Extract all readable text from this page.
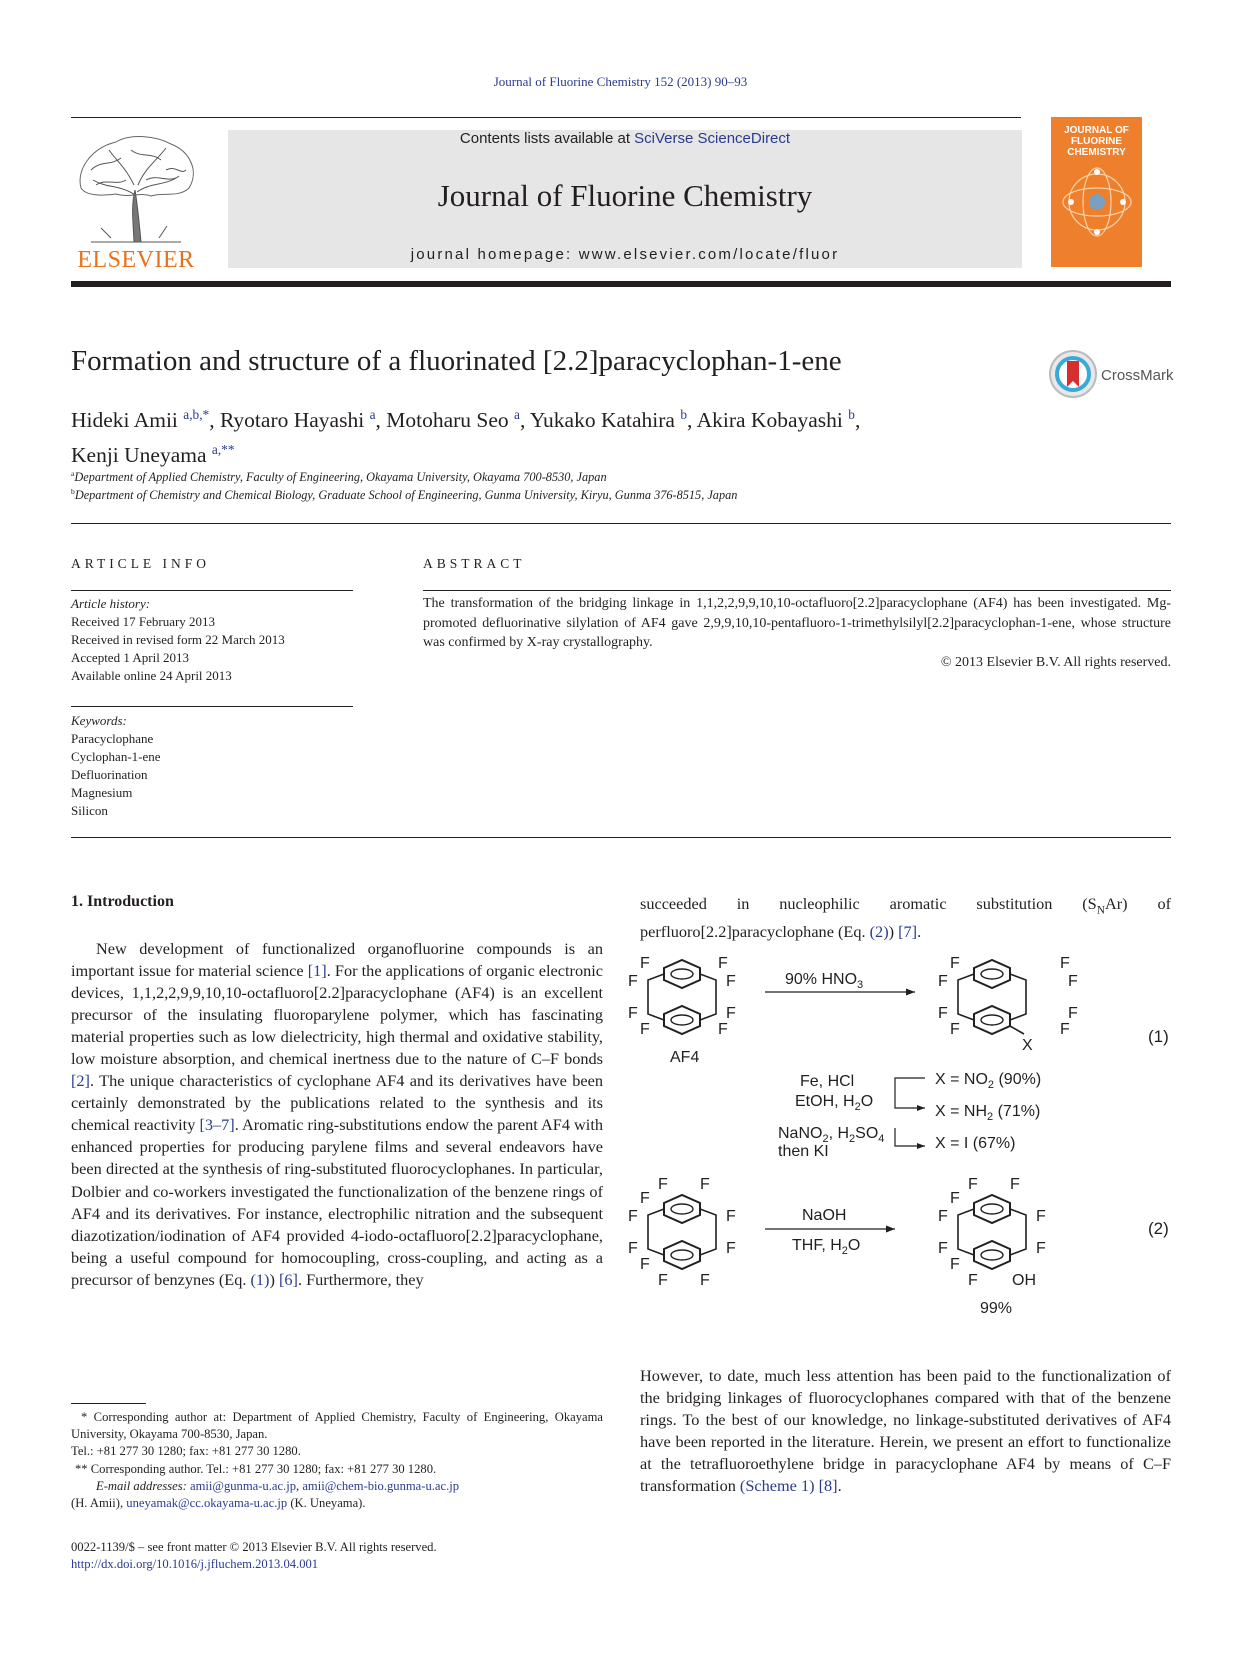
Journal of Fluorine Chemistry 152 (2013) 90–93
ELSEVIER
Contents lists available at SciVerse ScienceDirect
Journal of Fluorine Chemistry
journal homepage: www.elsevier.com/locate/fluor
JOURNAL OF FLUORINE CHEMISTRY
Formation and structure of a fluorinated [2.2]paracyclophan-1-ene	CrossMark
Hideki Amii $^{a,b,*}$, Ryotaro Hayashi $^a$, Motoharu Seo $^a$, Yukako Katahira $^b$, Akira Kobayashi $^b$,
Kenji Uneyama $^{a,**}$
$^a$Department of Applied Chemistry, Faculty of Engineering, Okayama University, Okayama 700-8530, Japan
$^b$Department of Chemistry and Chemical Biology, Graduate School of Engineering, Gunma University, Kiryu, Gunma 376-8515, Japan
ARTICLE INFO	ABSTRACT
Article history:
Received 17 February 2013
Received in revised form 22 March 2013
Accepted 1 April 2013
Available online 24 April 2013
Keywords:
Paracyclophane
Cyclophan-1-ene
Defluorination
Magnesium
Silicon
The transformation of the bridging linkage in 1,1,2,2,9,9,10,10-octafluoro[2.2]paracyclophane (AF4) has been investigated. Mg-promoted defluorinative silylation of AF4 gave 2,9,9,10,10-pentafluoro-1-trimethylsilyl[2.2]paracyclophan-1-ene, whose structure was confirmed by X-ray crystallography.
© 2013 Elsevier B.V. All rights reserved.
1. Introduction
New development of functionalized organofluorine compounds is an important issue for material science [1]. For the applications of organic electronic devices, 1,1,2,2,9,9,10,10-octafluoro[2.2]paracyclophane (AF4) is an excellent precursor of the insulating fluoroparylene polymer, which has fascinating material properties such as low dielectricity, high thermal and oxidative stability, low moisture absorption, and chemical inertness due to the nature of C–F bonds [2]. The unique characteristics of cyclophane AF4 and its derivatives have been certainly demonstrated by the publications related to the synthesis and its chemical reactivity [3–7]. Aromatic ring-substitutions endow the parent AF4 with enhanced properties for producing parylene films and several endeavors have been directed at the synthesis of ring-substituted fluorocyclophanes. In particular, Dolbier and co-workers investigated the functionalization of the benzene rings of AF4 and its derivatives. For instance, electrophilic nitration and the subsequent diazotization/iodination of AF4 provided 4-iodo-octafluoro[2.2]paracyclophane, being a useful compound for homocoupling, cross-coupling, and acting as a precursor of benzynes (Eq. (1)) [6]. Furthermore, they
succeeded in nucleophilic aromatic substitution $(S_NAr)$ of perfluoro[2.2]paracyclophane (Eq. (2)) [7].
However, to date, much less attention has been paid to the functionalization of the bridging linkages of fluorocyclophanes compared with that of the benzene rings. To the best of our knowledge, no linkage-substituted derivatives of AF4 have been reported in the literature. Herein, we present an effort to functionalize at the tetrafluoroethylene bridge in paracyclophane AF4 by means of C–F transformation (Scheme 1) [8].
F
F
F
F
F
F
F
F
AF4
90% $HNO_3$
F
F
F
F
F
F
F
F
X	(1)
Fe, HCl
EtOH, $H_2O$
NaNO$_2$, $H_2SO_4$
then KI
$X = NO_2$ (90%)
$X = NH_2$ (71%)
X = I (67%)
F
F
F
F
F
F
F F
F F
NaOH
THF, $H_2O$
F
F
F
F
F
F
F F
F OH
99%
(2)

* Corresponding author at: Department of Applied Chemistry, Faculty of Engineering, Okayama University, Okayama 700-8530, Japan.

Tel.: +81 277 30 1280; fax: +81 277 30 1280.

** Corresponding author. Tel.: +81 277 30 1280; fax: +81 277 30 1280.

E-mail addresses: amii@gunma-u.ac.jp, amii@chem-bio.gunma-u.ac.jp

(H. Amii), uneyamak@cc.okayama-u.ac.jp (K. Uneyama).

0022-1139/$ – see front matter © 2013 Elsevier B.V. All rights reserved.
http://dx.doi.org/10.1016/j.jfluchem.2013.04.001
